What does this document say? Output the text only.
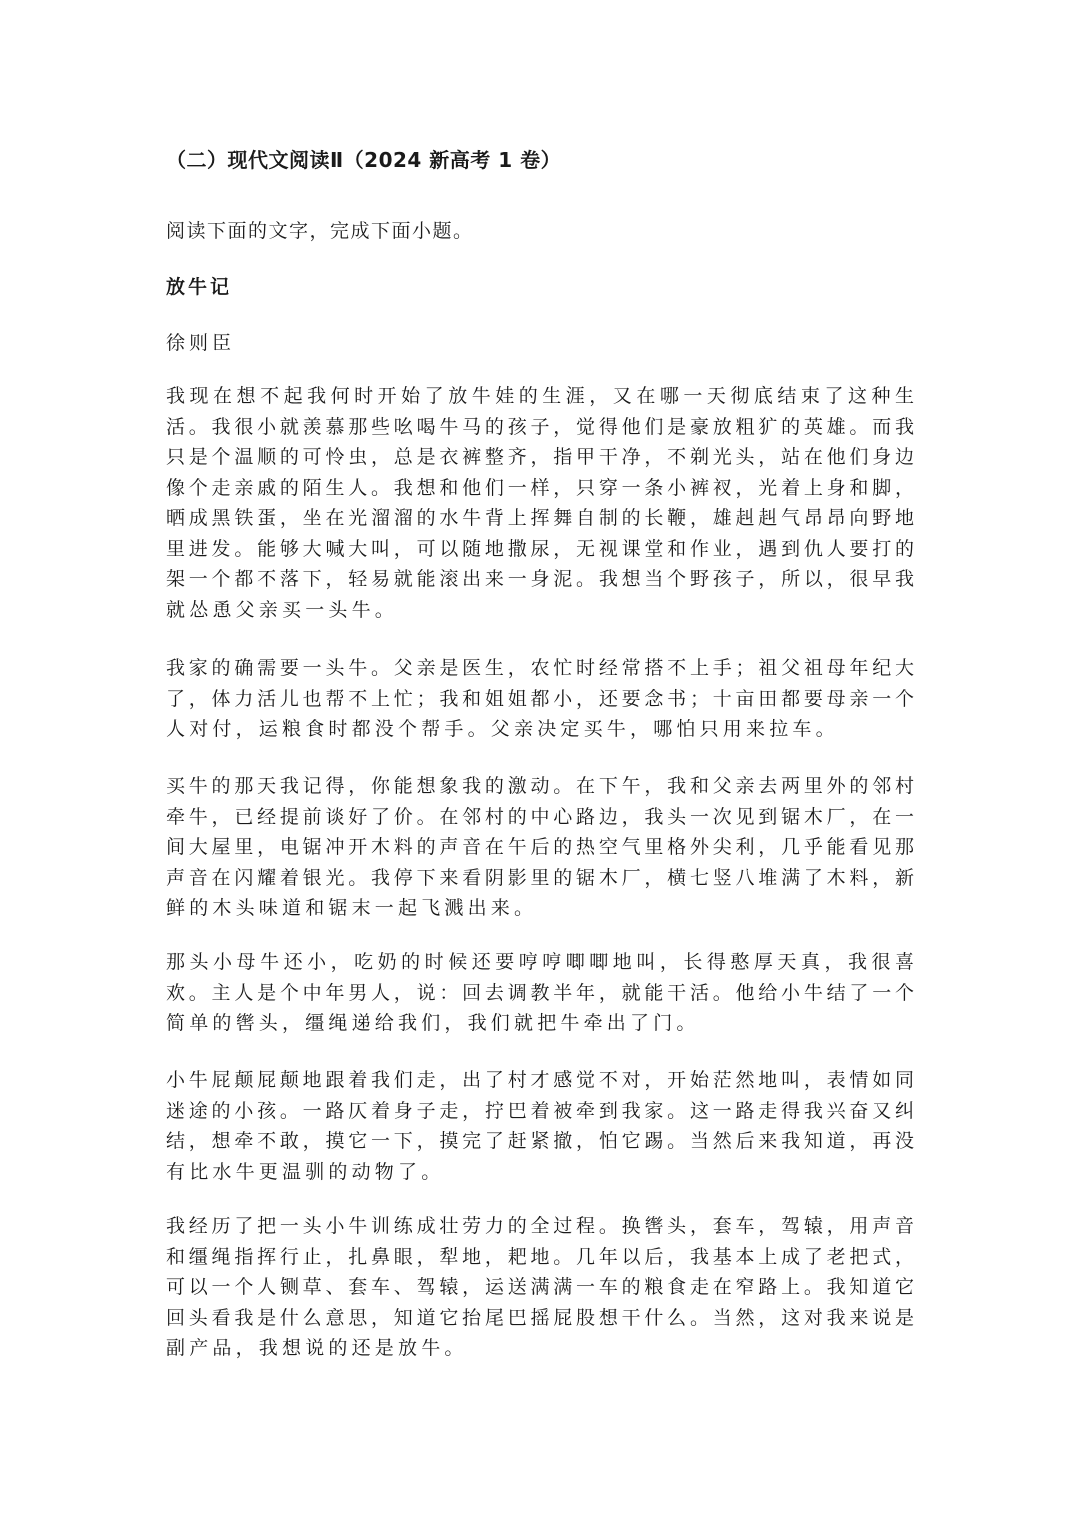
（二）现代文阅读Ⅱ（2024 新高考 1 卷）
阅读下面的文字，完成下面小题。
放牛记
徐则臣
我现在想不起我何时开始了放牛娃的生涯，又在哪一天彻底结束了这种生
活。我很小就羡慕那些吆喝牛马的孩子，觉得他们是豪放粗犷的英雄。而我
只是个温顺的可怜虫，总是衣裤整齐，指甲干净，不剃光头，站在他们身边
像个走亲戚的陌生人。我想和他们一样，只穿一条小裤衩，光着上身和脚，
晒成黑铁蛋，坐在光溜溜的水牛背上挥舞自制的长鞭，雄赳赳气昂昂向野地
里进发。能够大喊大叫，可以随地撒尿，无视课堂和作业，遇到仇人要打的
架一个都不落下，轻易就能滚出来一身泥。我想当个野孩子，所以，很早我
就怂恿父亲买一头牛。
我家的确需要一头牛。父亲是医生，农忙时经常搭不上手；祖父祖母年纪大
了，体力活儿也帮不上忙；我和姐姐都小，还要念书；十亩田都要母亲一个
人对付，运粮食时都没个帮手。父亲决定买牛，哪怕只用来拉车。
买牛的那天我记得，你能想象我的激动。在下午，我和父亲去两里外的邻村
牵牛，已经提前谈好了价。在邻村的中心路边，我头一次见到锯木厂，在一
间大屋里，电锯冲开木料的声音在午后的热空气里格外尖利，几乎能看见那
声音在闪耀着银光。我停下来看阴影里的锯木厂，横七竖八堆满了木料，新
鲜的木头味道和锯末一起飞溅出来。
那头小母牛还小，吃奶的时候还要哼哼唧唧地叫，长得憨厚天真，我很喜
欢。主人是个中年男人，说：回去调教半年，就能干活。他给小牛结了一个
简单的辔头，缰绳递给我们，我们就把牛牵出了门。
小牛屁颠屁颠地跟着我们走，出了村才感觉不对，开始茫然地叫，表情如同
迷途的小孩。一路仄着身子走，拧巴着被牵到我家。这一路走得我兴奋又纠
结，想牵不敢，摸它一下，摸完了赶紧撤，怕它踢。当然后来我知道，再没
有比水牛更温驯的动物了。
我经历了把一头小牛训练成壮劳力的全过程。换辔头，套车，驾辕，用声音
和缰绳指挥行止，扎鼻眼，犁地，耙地。几年以后，我基本上成了老把式，
可以一个人铡草、套车、驾辕，运送满满一车的粮食走在窄路上。我知道它
回头看我是什么意思，知道它抬尾巴摇屁股想干什么。当然，这对我来说是
副产品，我想说的还是放牛。
